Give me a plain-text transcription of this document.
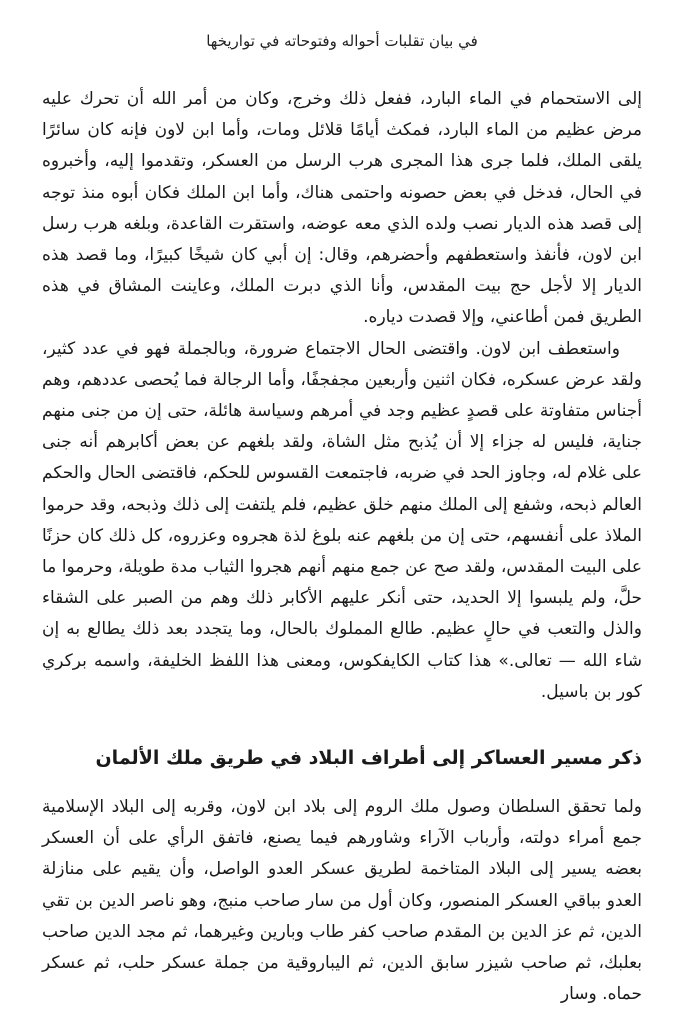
في بيان تقلبات أحواله وفتوحاته في تواريخها

إلى الاستحمام في الماء البارد، ففعل ذلك وخرج، وكان من أمر الله أن تحرك عليه مرض عظيم من الماء البارد، فمكث أيامًا قلائل ومات، وأما ابن لاون فإنه كان سائرًا يلقى الملك، فلما جرى هذا المجرى هرب الرسل من العسكر، وتقدموا إليه، وأخبروه في الحال، فدخل في بعض حصونه واحتمى هناك، وأما ابن الملك فكان أبوه منذ توجه إلى قصد هذه الديار نصب ولده الذي معه عوضه، واستقرت القاعدة، وبلغه هرب رسل ابن لاون، فأنفذ واستعطفهم وأحضرهم، وقال: إن أبي كان شيخًا كبيرًا، وما قصد هذه الديار إلا لأجل حج بيت المقدس، وأنا الذي دبرت الملك، وعاينت المشاق في هذه الطريق فمن أطاعني، وإلا قصدت دياره.

واستعطف ابن لاون. واقتضى الحال الاجتماع ضرورة، وبالجملة فهو في عدد كثير، ولقد عرض عسكره، فكان اثنين وأربعين مجفجفًا، وأما الرجالة فما يُحصى عددهم، وهم أجناس متفاوتة على قصدٍ عظيم وجد في أمرهم وسياسة هائلة، حتى إن من جنى منهم جناية، فليس له جزاء إلا أن يُذبح مثل الشاة، ولقد بلغهم عن بعض أكابرهم أنه جنى على غلام له، وجاوز الحد في ضربه، فاجتمعت القسوس للحكم، فاقتضى الحال والحكم العالم ذبحه، وشفع إلى الملك منهم خلق عظيم، فلم يلتفت إلى ذلك وذبحه، وقد حرموا الملاذ على أنفسهم، حتى إن من بلغهم عنه بلوغ لذة هجروه وعزروه، كل ذلك كان حزنًا على البيت المقدس، ولقد صح عن جمع منهم أنهم هجروا الثياب مدة طويلة، وحرموا ما حلَّ، ولم يلبسوا إلا الحديد، حتى أنكر عليهم الأكابر ذلك وهم من الصبر على الشقاء والذل والتعب في حالٍ عظيم. طالع المملوك بالحال، وما يتجدد بعد ذلك يطالع به إن شاء الله — تعالى.» هذا كتاب الكايفكوس، ومعنى هذا اللفظ الخليفة، واسمه بركري كور بن باسيل.

ذكر مسير العساكر إلى أطراف البلاد في طريق ملك الألمان

ولما تحقق السلطان وصول ملك الروم إلى بلاد ابن لاون، وقربه إلى البلاد الإسلامية جمع أمراء دولته، وأرباب الآراء وشاورهم فيما يصنع، فاتفق الرأي على أن العسكر بعضه يسير إلى البلاد المتاخمة لطريق عسكر العدو الواصل، وأن يقيم على منازلة العدو بباقي العسكر المنصور، وكان أول من سار صاحب منبج، وهو ناصر الدين بن تقي الدين، ثم عز الدين بن المقدم صاحب كفر طاب وبارين وغيرهما، ثم مجد الدين صاحب بعلبك، ثم صاحب شيزر سابق الدين، ثم اليباروقية من جملة عسكر حلب، ثم عسكر حماه. وسار
